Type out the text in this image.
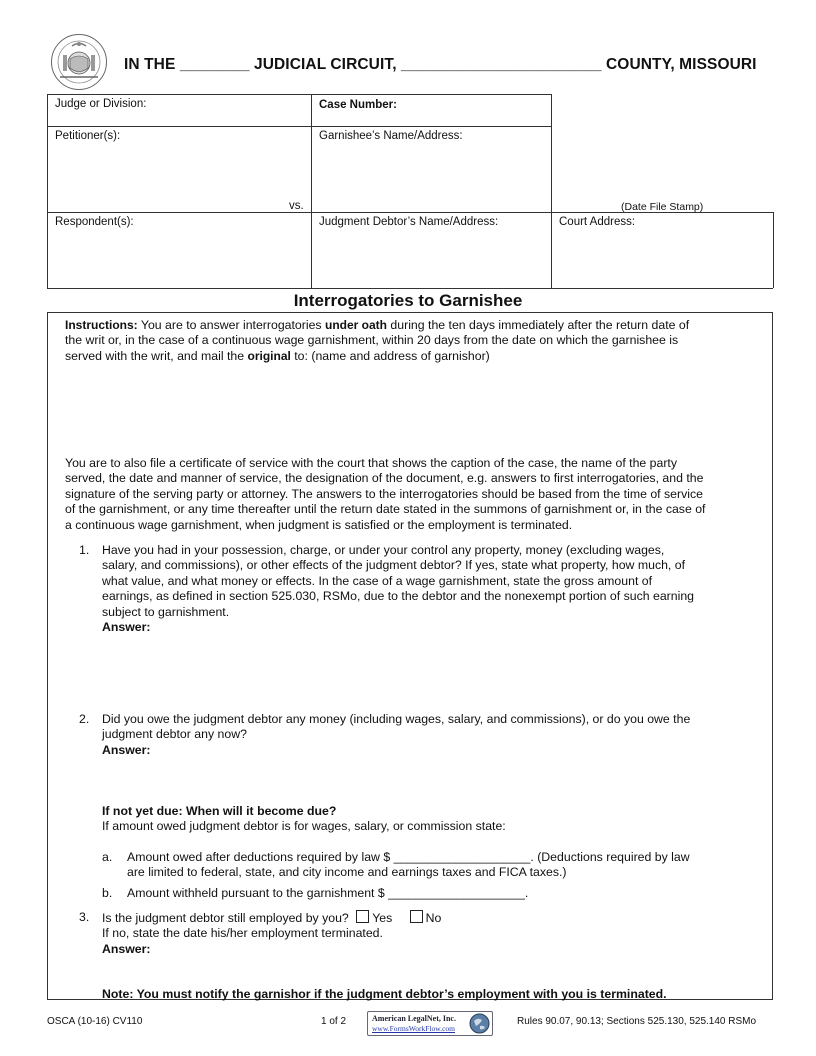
IN THE ________ JUDICIAL CIRCUIT, _______________________ COUNTY, MISSOURI
Judge or Division:	Case Number:
Petitioner(s):	Garnishee’s Name/Address:
vs.	(Date File Stamp)
Respondent(s):	Judgment Debtor’s Name/Address:	Court Address:
Interrogatories to Garnishee
Instructions: You are to answer interrogatories under oath during the ten days immediately after the return date of
the writ or, in the case of a continuous wage garnishment, within 20 days from the date on which the garnishee is
served with the writ, and mail the original to: (name and address of garnishor)
You are to also file a certificate of service with the court that shows the caption of the case, the name of the party
served, the date and manner of service, the designation of the document, e.g. answers to first interrogatories, and the
signature of the serving party or attorney. The answers to the interrogatories should be based from the time of service
of the garnishment, or any time thereafter until the return date stated in the summons of garnishment or, in the case of
a continuous wage garnishment, when judgment is satisfied or the employment is terminated.
1. Have you had in your possession, charge, or under your control any property, money (excluding wages,
salary, and commissions), or other effects of the judgment debtor? If yes, state what property, how much, of
what value, and what money or effects. In the case of a wage garnishment, state the gross amount of
earnings, as defined in section 525.030, RSMo, due to the debtor and the nonexempt portion of such earning
subject to garnishment.
Answer:
2. Did you owe the judgment debtor any money (including wages, salary, and commissions), or do you owe the
judgment debtor any now?
Answer:
If not yet due: When will it become due?
If amount owed judgment debtor is for wages, salary, or commission state:
a. Amount owed after deductions required by law $ ____________________. (Deductions required by law
are limited to federal, state, and city income and earnings taxes and FICA taxes.)
b. Amount withheld pursuant to the garnishment $ ____________________.
3. Is the judgment debtor still employed by you? Yes	No
If no, state the date his/her employment terminated.
Answer:
Note: You must notify the garnishor if the judgment debtor’s employment with you is terminated.
OSCA (10-16) CV110	1 of 2	American LegalNet, Inc.
www.FormsWorkFlow.com
Rules 90.07, 90.13; Sections 525.130, 525.140 RSMo
